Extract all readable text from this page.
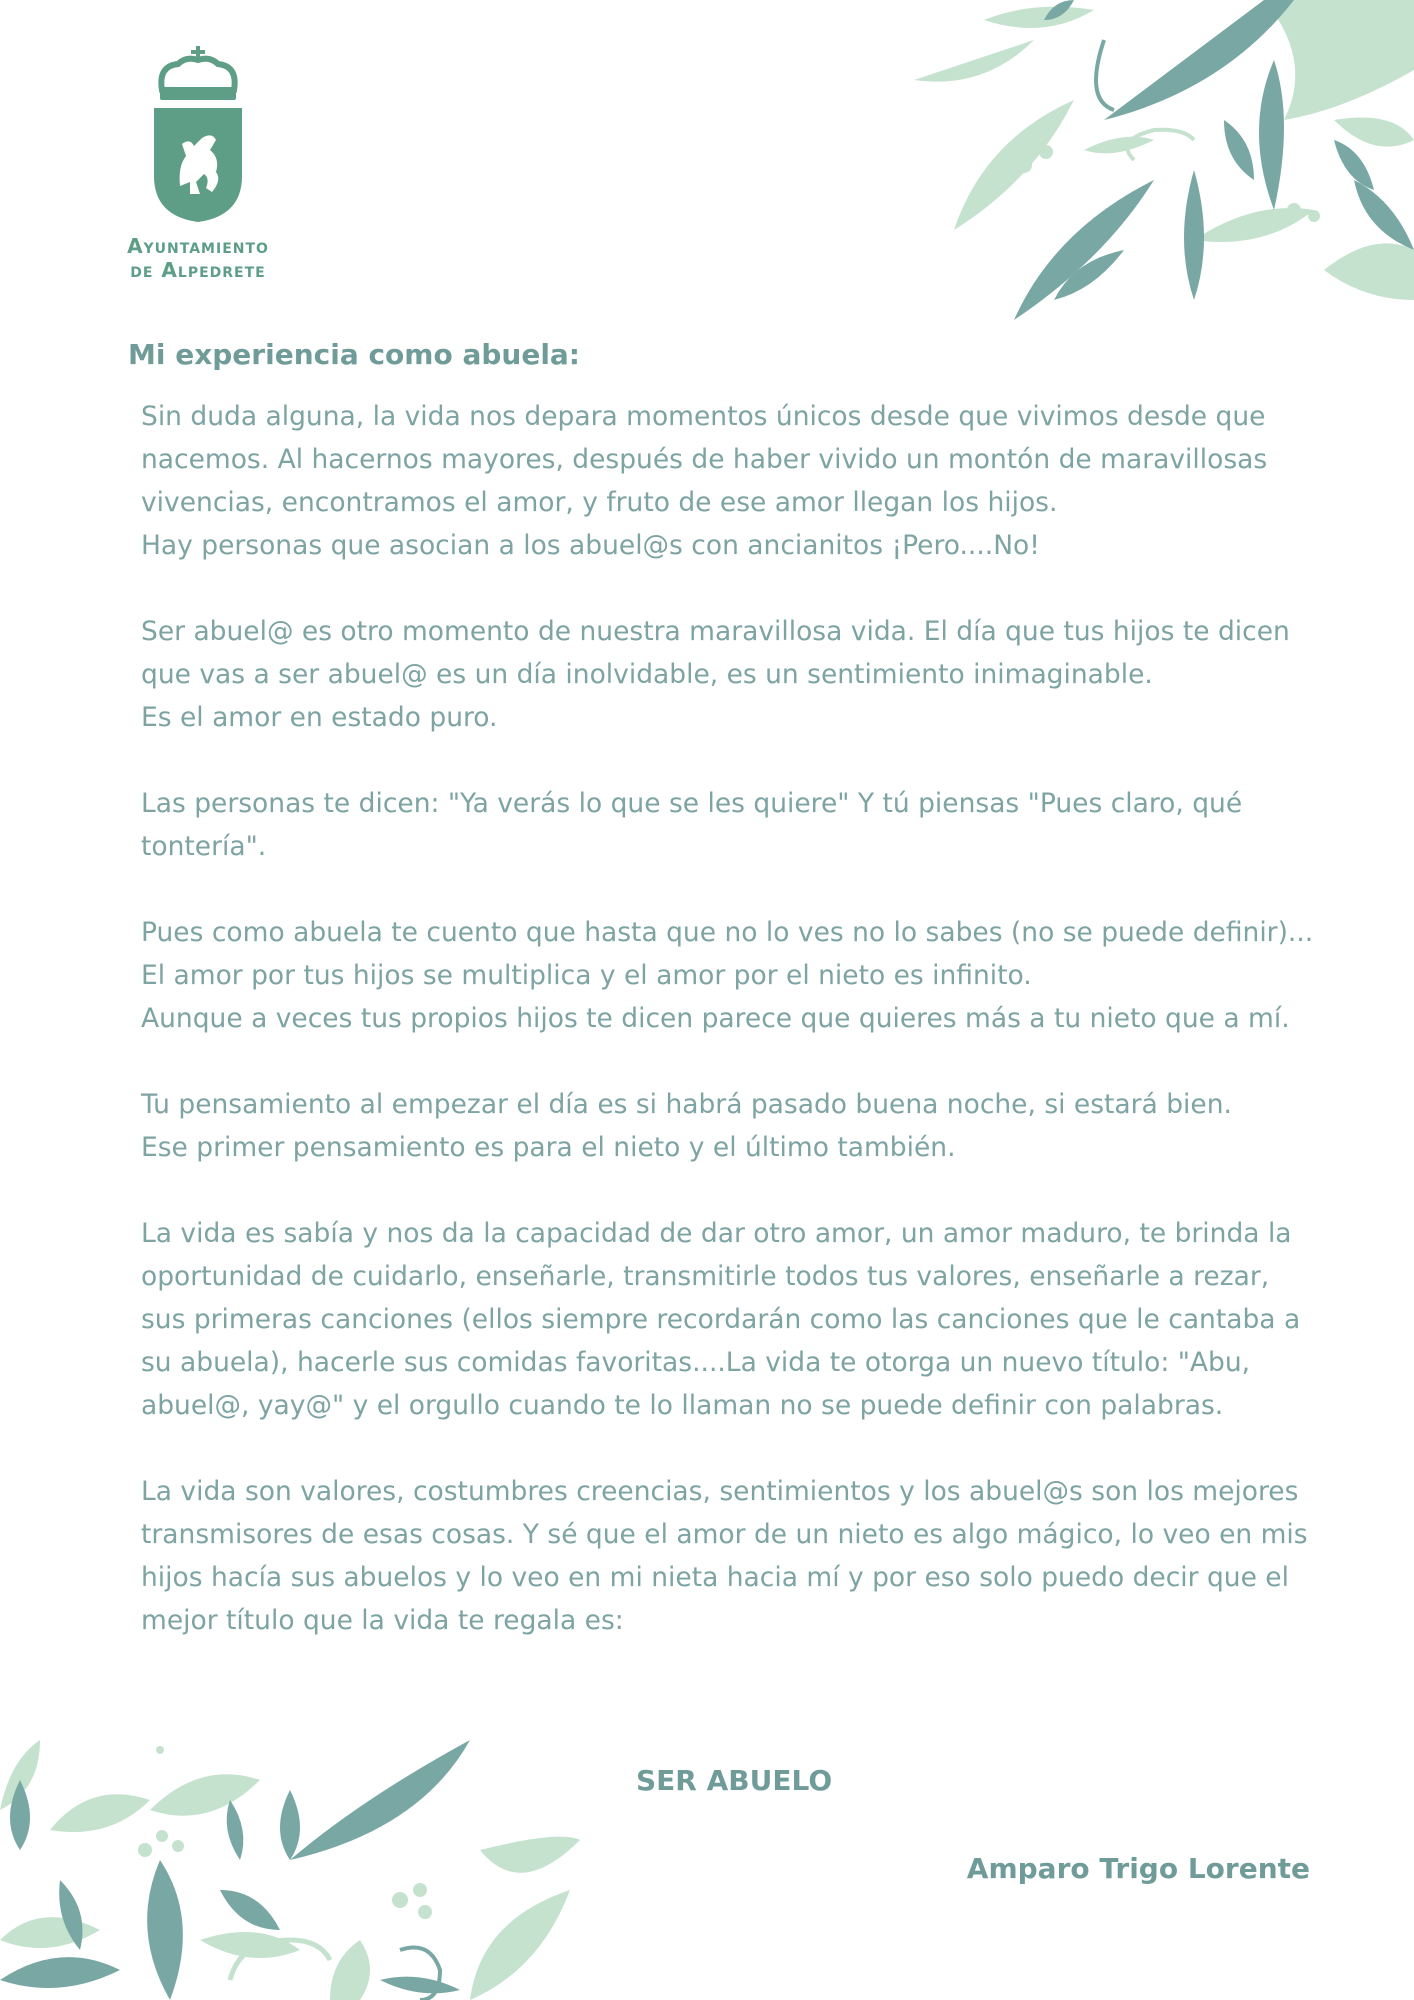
Ayuntamiento
de Alpedrete
Mi experiencia como abuela:
Sin duda alguna, la vida nos depara momentos únicos desde que vivimos desde que nacemos. Al hacernos mayores, después de haber vivido un montón de maravillosas vivencias, encontramos el amor, y fruto de ese amor llegan los hijos.
Hay personas que asocian a los abuel@s con ancianitos ¡Pero....No!
Ser abuel@ es otro momento de nuestra maravillosa vida. El día que tus hijos te dicen que vas a ser abuel@ es un día inolvidable, es un sentimiento inimaginable.
Es el amor en estado puro.
Las personas te dicen: "Ya verás lo que se les quiere" Y tú piensas "Pues claro, qué tontería".
Pues como abuela te cuento que hasta que no lo ves no lo sabes (no se puede definir)... El amor por tus hijos se multiplica y el amor por el nieto es infinito.
Aunque a veces tus propios hijos te dicen parece que quieres más a tu nieto que a mí.
Tu pensamiento al empezar el día es si habrá pasado buena noche, si estará bien.
Ese primer pensamiento es para el nieto y el último también.
La vida es sabía y nos da la capacidad de dar otro amor, un amor maduro, te brinda la oportunidad de cuidarlo, enseñarle, transmitirle todos tus valores, enseñarle a rezar, sus primeras canciones (ellos siempre recordarán como las canciones que le cantaba a su abuela), hacerle sus comidas favoritas....La vida te otorga un nuevo título: "Abu, abuel@, yay@" y el orgullo cuando te lo llaman no se puede definir con palabras.
La vida son valores, costumbres creencias, sentimientos y los abuel@s son los mejores transmisores de esas cosas. Y sé que el amor de un nieto es algo mágico, lo veo en mis hijos hacía sus abuelos y lo veo en mi nieta hacia mí y por eso solo puedo decir que el mejor título que la vida te regala es:
SER ABUELO
Amparo Trigo Lorente
